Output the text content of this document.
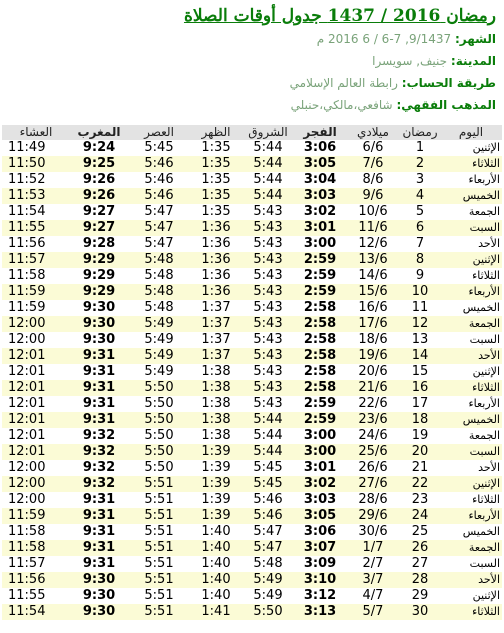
رمضان 2016 / 1437 جدول أوقات الصلاة
الشهر: 9/1437, 7-6 / 6 2016 م
المدينة: جنيف, سويسرا
طريقة الحساب: رابطة العالم الإسلامي
المذهب الفقهي: شافعي،مالكي،حنبلي
اليوم	رمضان	ميلادي	الفجر	الشروق	الظهر	العصر	المغرب	العشاء
الإثنين	1	6/6	3:06	5:44	1:35	5:45	9:24	11:49
الثلاثاء	2	7/6	3:05	5:44	1:35	5:46	9:25	11:50
الأربعاء	3	8/6	3:04	5:44	1:35	5:46	9:26	11:52
الخميس	4	9/6	3:03	5:44	1:35	5:46	9:26	11:53
الجمعة	5	10/6	3:02	5:43	1:35	5:47	9:27	11:54
السبت	6	11/6	3:01	5:43	1:36	5:47	9:27	11:55
الأحد	7	12/6	3:00	5:43	1:36	5:47	9:28	11:56
الإثنين	8	13/6	2:59	5:43	1:36	5:48	9:29	11:57
الثلاثاء	9	14/6	2:59	5:43	1:36	5:48	9:29	11:58
الأربعاء	10	15/6	2:59	5:43	1:36	5:48	9:29	11:59
الخميس	11	16/6	2:58	5:43	1:37	5:48	9:30	11:59
الجمعة	12	17/6	2:58	5:43	1:37	5:49	9:30	12:00
السبت	13	18/6	2:58	5:43	1:37	5:49	9:30	12:00
الأحد	14	19/6	2:58	5:43	1:37	5:49	9:31	12:01
الإثنين	15	20/6	2:58	5:43	1:38	5:49	9:31	12:01
الثلاثاء	16	21/6	2:58	5:43	1:38	5:50	9:31	12:01
الأربعاء	17	22/6	2:59	5:43	1:38	5:50	9:31	12:01
الخميس	18	23/6	2:59	5:44	1:38	5:50	9:31	12:01
الجمعة	19	24/6	3:00	5:44	1:38	5:50	9:32	12:01
السبت	20	25/6	3:00	5:44	1:39	5:50	9:32	12:01
الأحد	21	26/6	3:01	5:45	1:39	5:50	9:32	12:00
الإثنين	22	27/6	3:02	5:45	1:39	5:51	9:32	12:00
الثلاثاء	23	28/6	3:03	5:46	1:39	5:51	9:31	12:00
الأربعاء	24	29/6	3:05	5:46	1:39	5:51	9:31	11:59
الخميس	25	30/6	3:06	5:47	1:40	5:51	9:31	11:58
الجمعة	26	1/7	3:07	5:47	1:40	5:51	9:31	11:58
السبت	27	2/7	3:09	5:48	1:40	5:51	9:31	11:57
الأحد	28	3/7	3:10	5:49	1:40	5:51	9:30	11:56
الإثنين	29	4/7	3:12	5:49	1:40	5:51	9:30	11:55
الثلاثاء	30	5/7	3:13	5:50	1:41	5:51	9:30	11:54
